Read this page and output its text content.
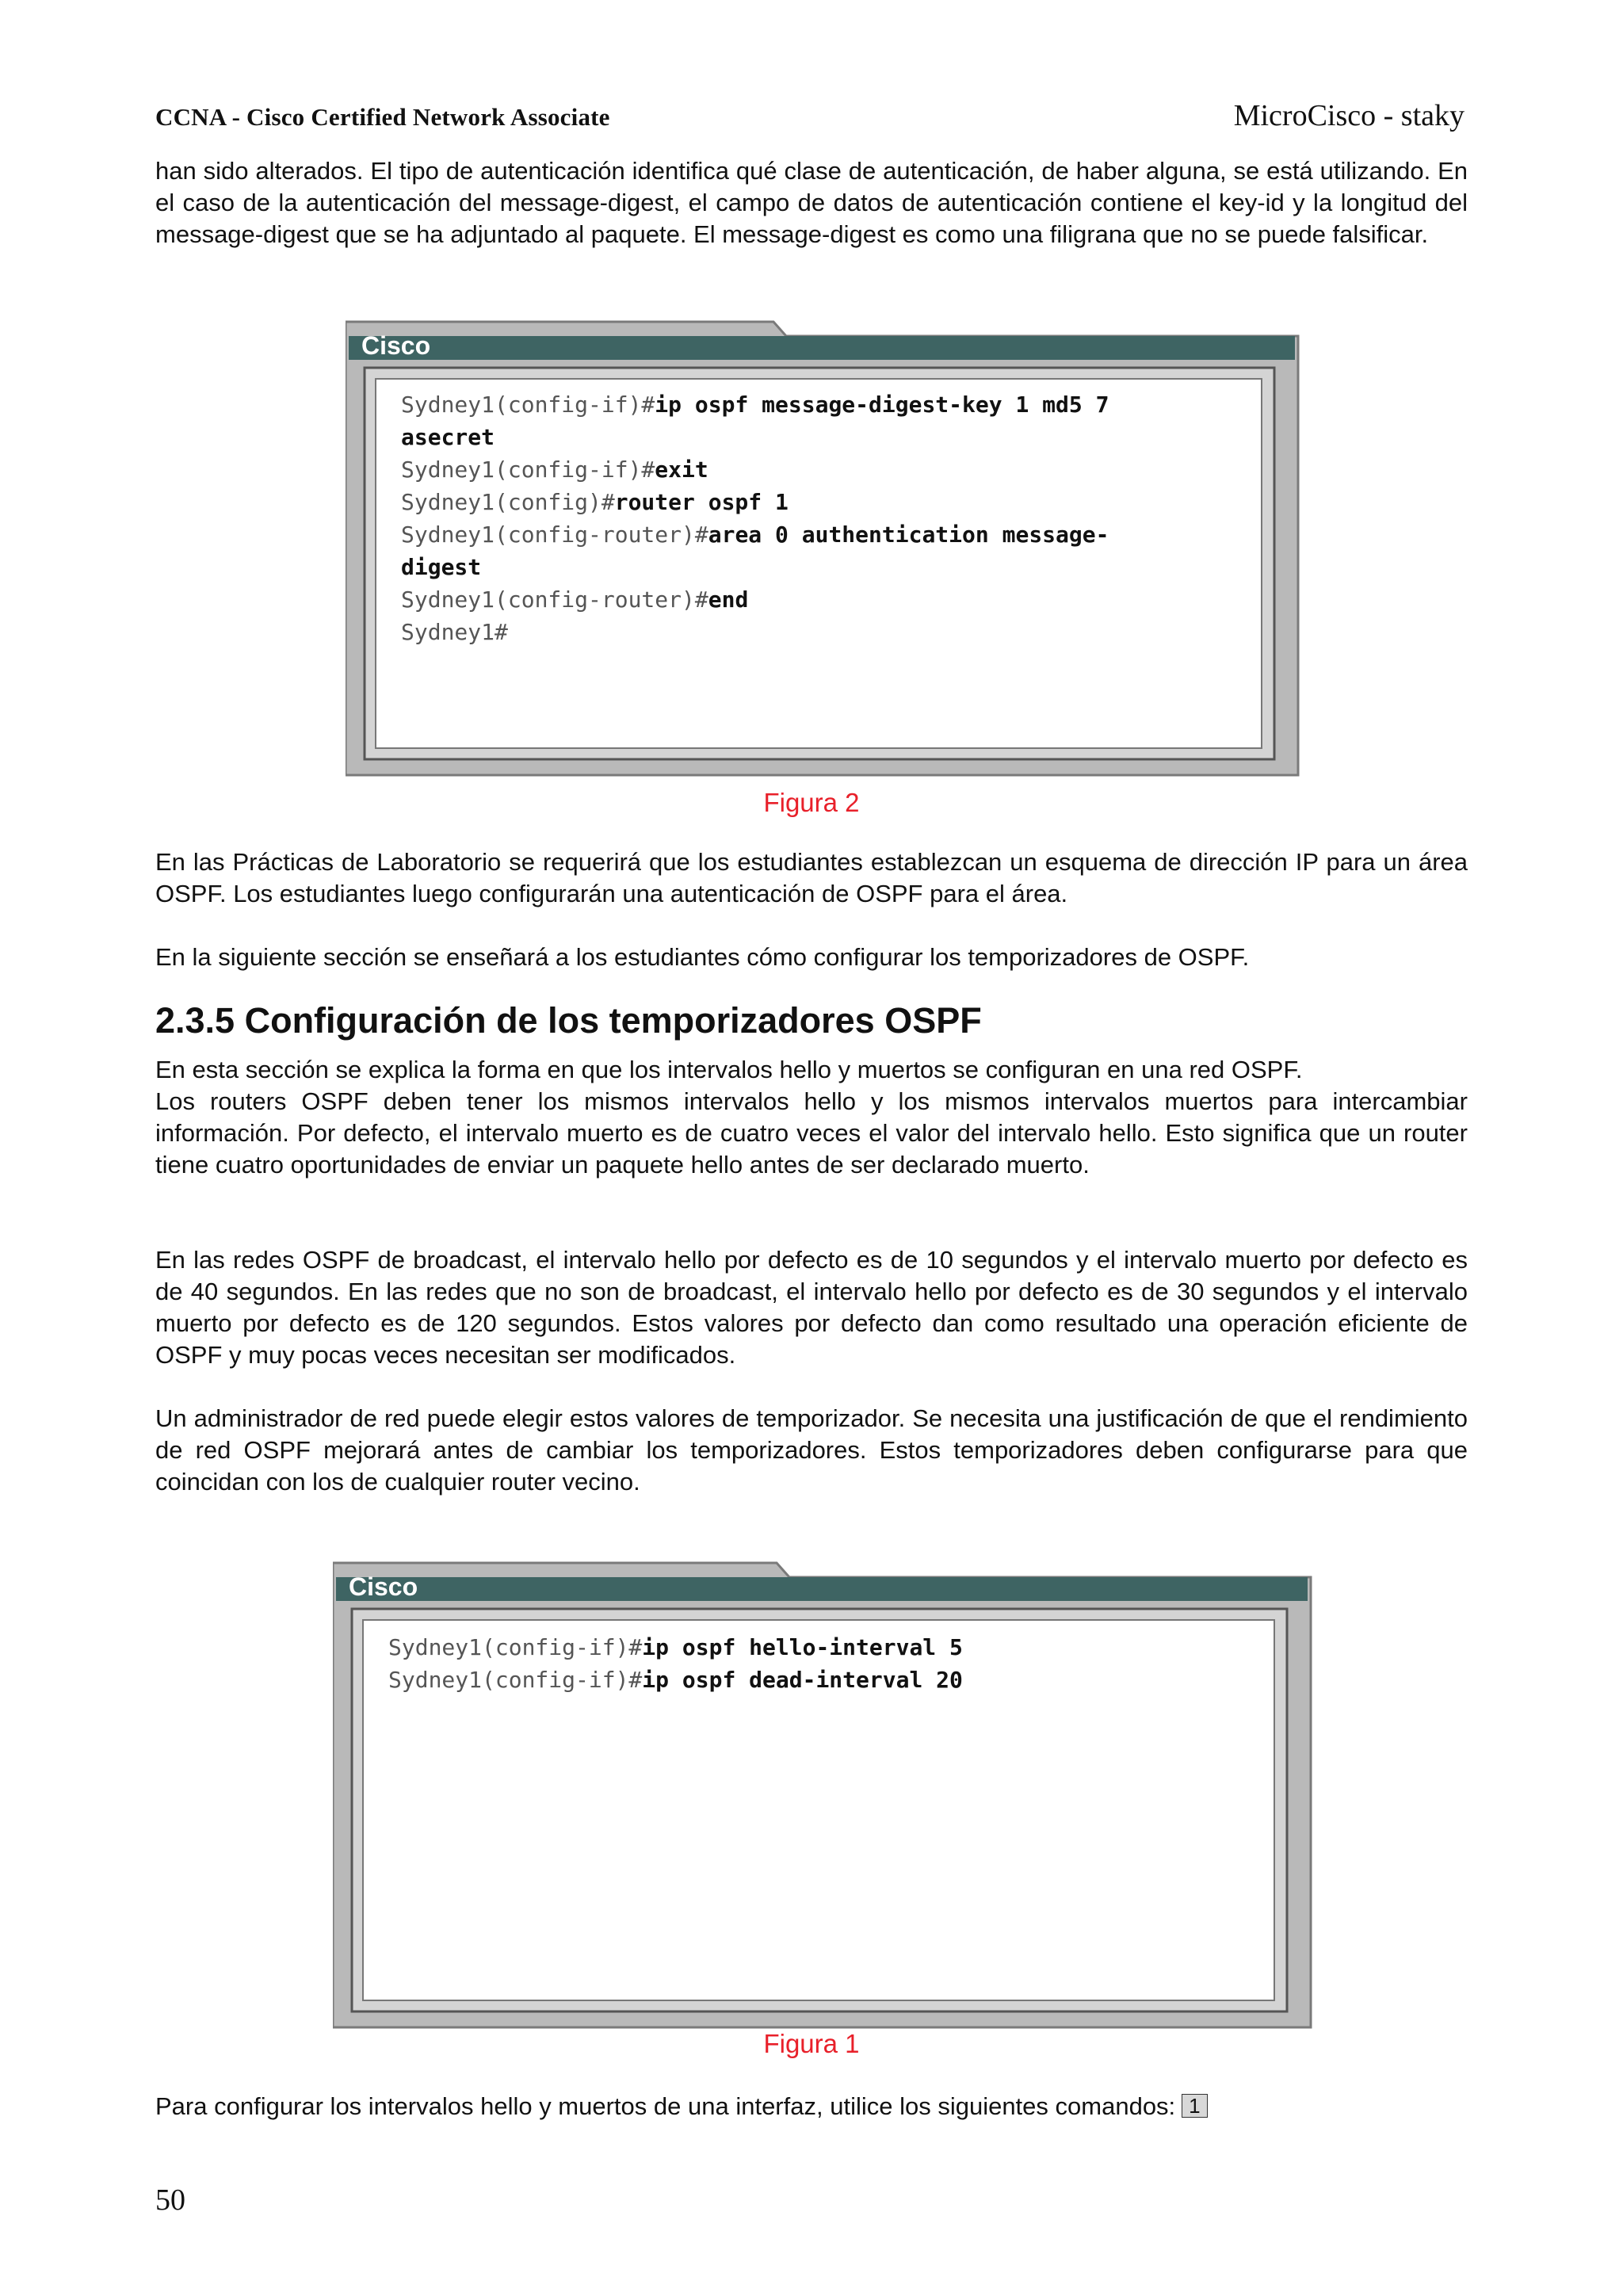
CCNA - Cisco Certified Network Associate	MicroCisco - staky

han sido alterados. El tipo de autenticación identifica qué clase de autenticación, de haber alguna, se está utilizando. En el caso de la autenticación del message-digest, el campo de datos de autenticación contiene el key-id y la longitud del message-digest que se ha adjuntado al paquete. El message-digest es como una filigrana que no se puede falsificar.

Cisco
Sydney1(config-if)#ip ospf message-digest-key 1 md5 7
asecret
Sydney1(config-if)#exit
Sydney1(config)#router ospf 1
Sydney1(config-router)#area 0 authentication message-
digest
Sydney1(config-router)#end
Sydney1#
Figura 2

En las Prácticas de Laboratorio se requerirá que los estudiantes establezcan un esquema de dirección IP para un área OSPF. Los estudiantes luego configurarán una autenticación de OSPF para el área.

En la siguiente sección se enseñará a los estudiantes cómo configurar los temporizadores de OSPF.

2.3.5 Configuración de los temporizadores OSPF

En esta sección se explica la forma en que los intervalos hello y muertos se configuran en una red OSPF.

Los routers OSPF deben tener los mismos intervalos hello y los mismos intervalos muertos para intercambiar información. Por defecto, el intervalo muerto es de cuatro veces el valor del intervalo hello. Esto significa que un router tiene cuatro oportunidades de enviar un paquete hello antes de ser declarado muerto.

En las redes OSPF de broadcast, el intervalo hello por defecto es de 10 segundos y el intervalo muerto por defecto es de 40 segundos. En las redes que no son de broadcast, el intervalo hello por defecto es de 30 segundos y el intervalo muerto por defecto es de 120 segundos. Estos valores por defecto dan como resultado una operación eficiente de OSPF y muy pocas veces necesitan ser modificados.

Un administrador de red puede elegir estos valores de temporizador. Se necesita una justificación de que el rendimiento de red OSPF mejorará antes de cambiar los temporizadores. Estos temporizadores deben configurarse para que coincidan con los de cualquier router vecino.

Cisco
Sydney1(config-if)#ip ospf hello-interval 5
Sydney1(config-if)#ip ospf dead-interval 20
Figura 1

Para configurar los intervalos hello y muertos de una interfaz, utilice los siguientes comandos: 1

50
